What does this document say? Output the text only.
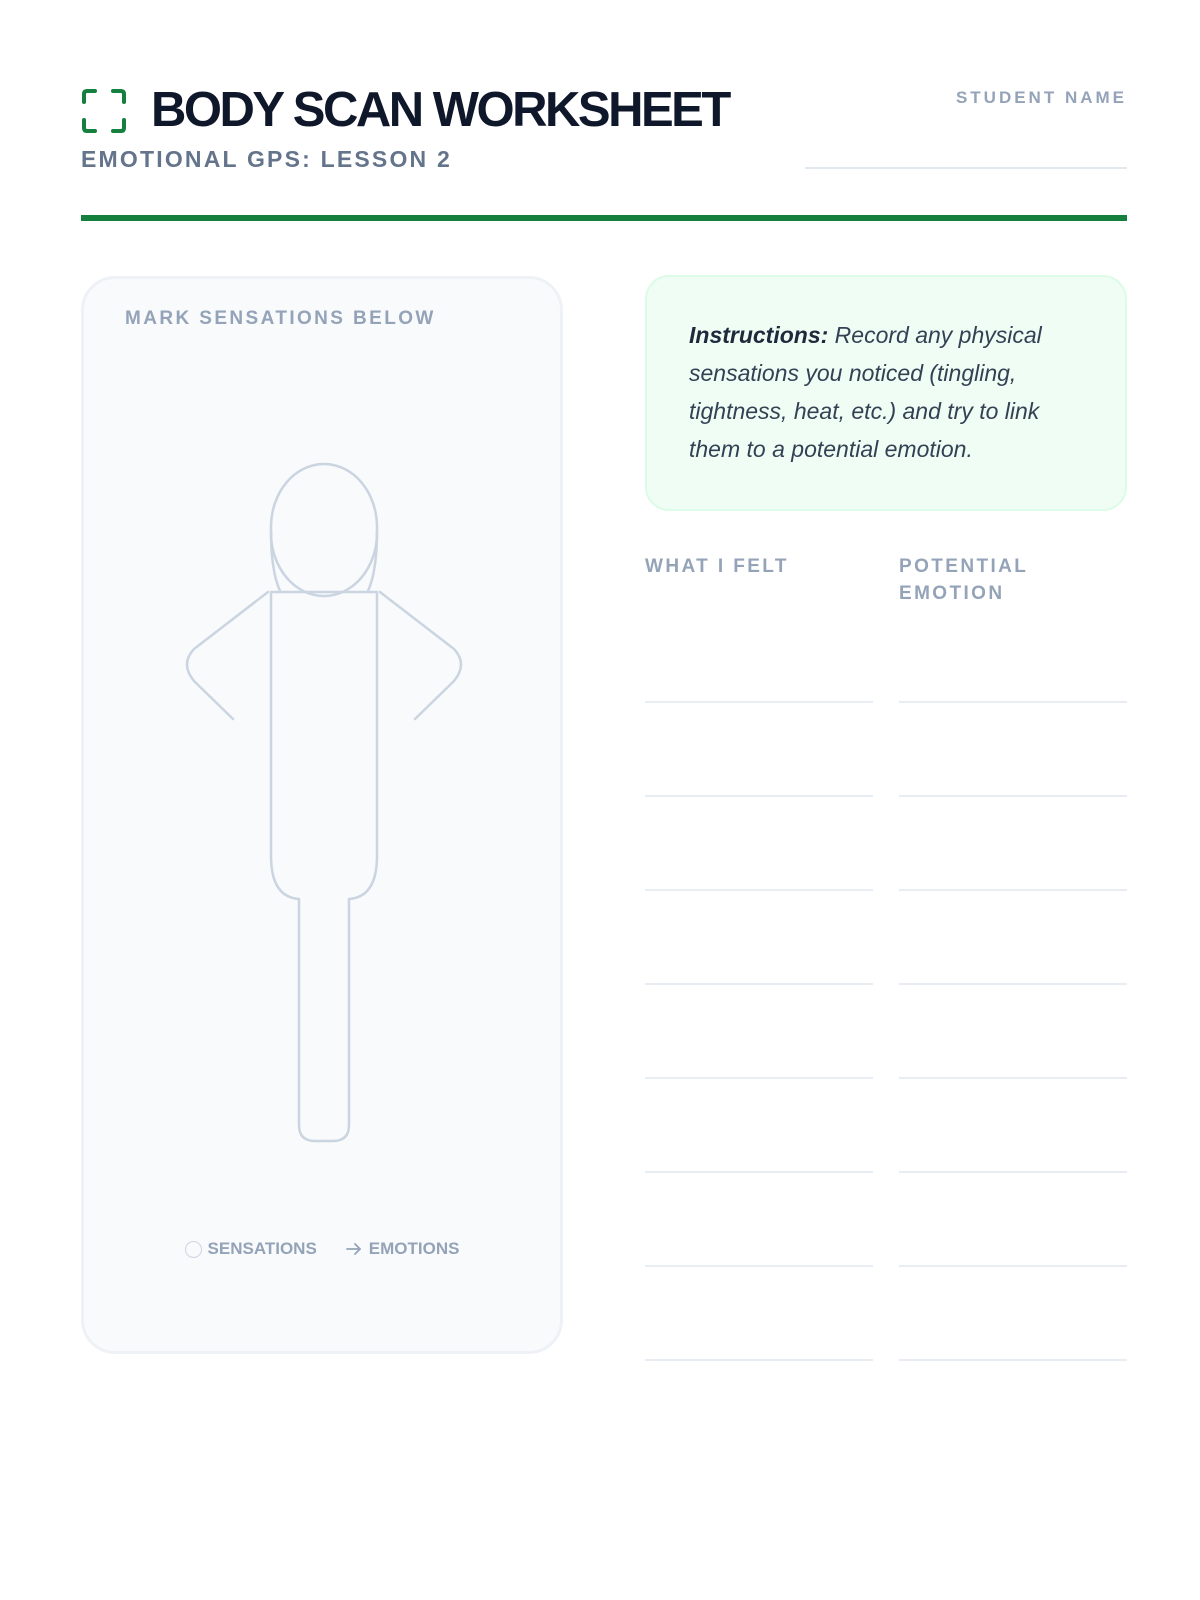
BODY SCAN WORKSHEET
EMOTIONAL GPS: LESSON 2
STUDENT NAME
MARK SENSATIONS BELOW
SENSATIONS	EMOTIONS

Instructions: Record any physical sensations you noticed (tingling, tightness, heat, etc.) and try to link them to a potential emotion.

WHAT I FELT	POTENTIAL EMOTION
